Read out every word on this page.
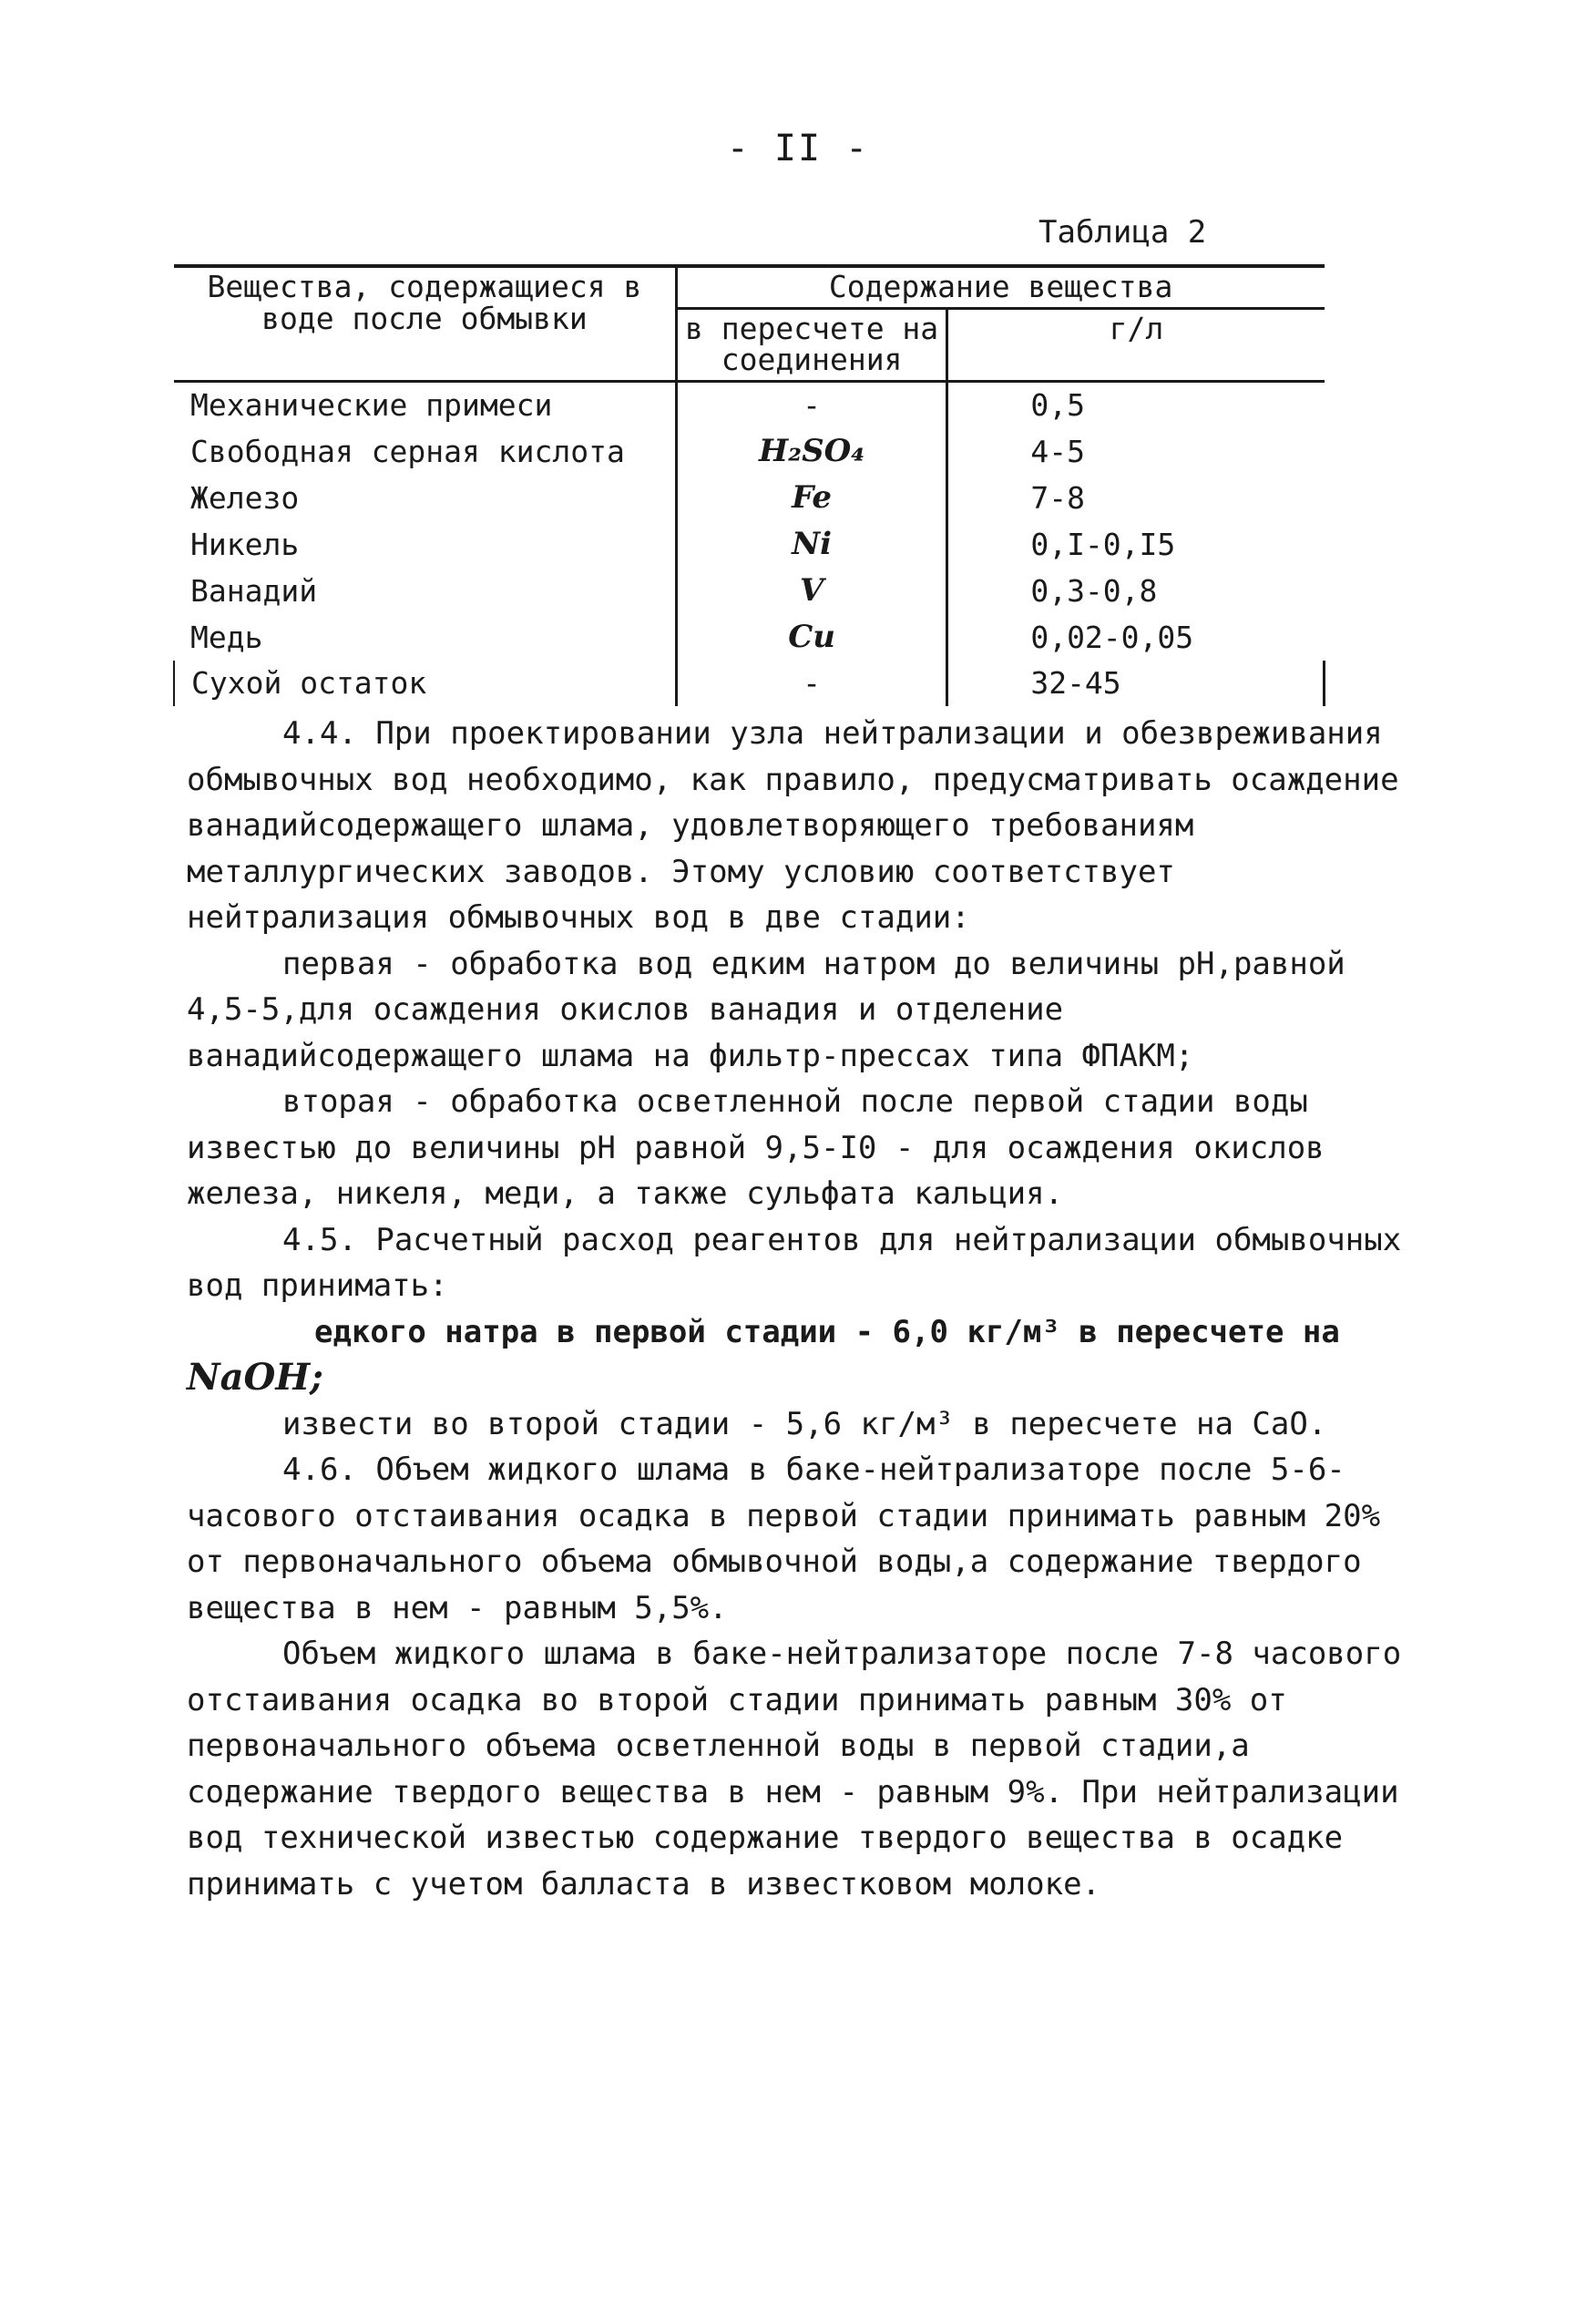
- II -
Таблица 2
Вещества, содержащиеся в воде после обмывки	Содержание вещества	
	в пересчете на соединения	г/л
Механические примеси	-	0,5
Свободная серная кислота	H₂SO₄	4-5
Железо	Fe	7-8
Никель	Ni	0,I-0,I5
Ванадий	V	0,3-0,8
Медь	Cu	0,02-0,05
Сухой остаток	-	32-45

4.4. При проектировании узла нейтрализации и обезвреживания обмывочных вод необходимо, как правило, предусматривать осаждение ванадийсодержащего шлама, удовлетворяющего требованиям металлургических заводов. Этому условию соответствует нейтрализация обмывочных вод в две стадии:

первая - обработка вод едким натром до величины рН,равной 4,5-5,для осаждения окислов ванадия и отделение ванадийсодержащего шлама на фильтр-прессах типа ФПАКМ;

вторая - обработка осветленной после первой стадии воды известью до величины рН равной 9,5-I0 - для осаждения окислов железа, никеля, меди, а также сульфата кальция.

4.5. Расчетный расход реагентов для нейтрализации обмывочных вод принимать:

едкого натра в первой стадии - 6,0 кг/м³ в пересчете на

NaOH;

извести во второй стадии - 5,6 кг/м³ в пересчете на СаО.

4.6. Объем жидкого шлама в баке-нейтрализаторе после 5-6-часового отстаивания осадка в первой стадии принимать равным 20% от первоначального объема обмывочной воды,а содержание твердого вещества в нем - равным 5,5%.

Объем жидкого шлама в баке-нейтрализаторе после 7-8 часового отстаивания осадка во второй стадии принимать равным 30% от первоначального объема осветленной воды в первой стадии,а содержание твердого вещества в нем - равным 9%. При нейтрализации вод технической известью содержание твердого вещества в осадке принимать с учетом балласта в известковом молоке.
